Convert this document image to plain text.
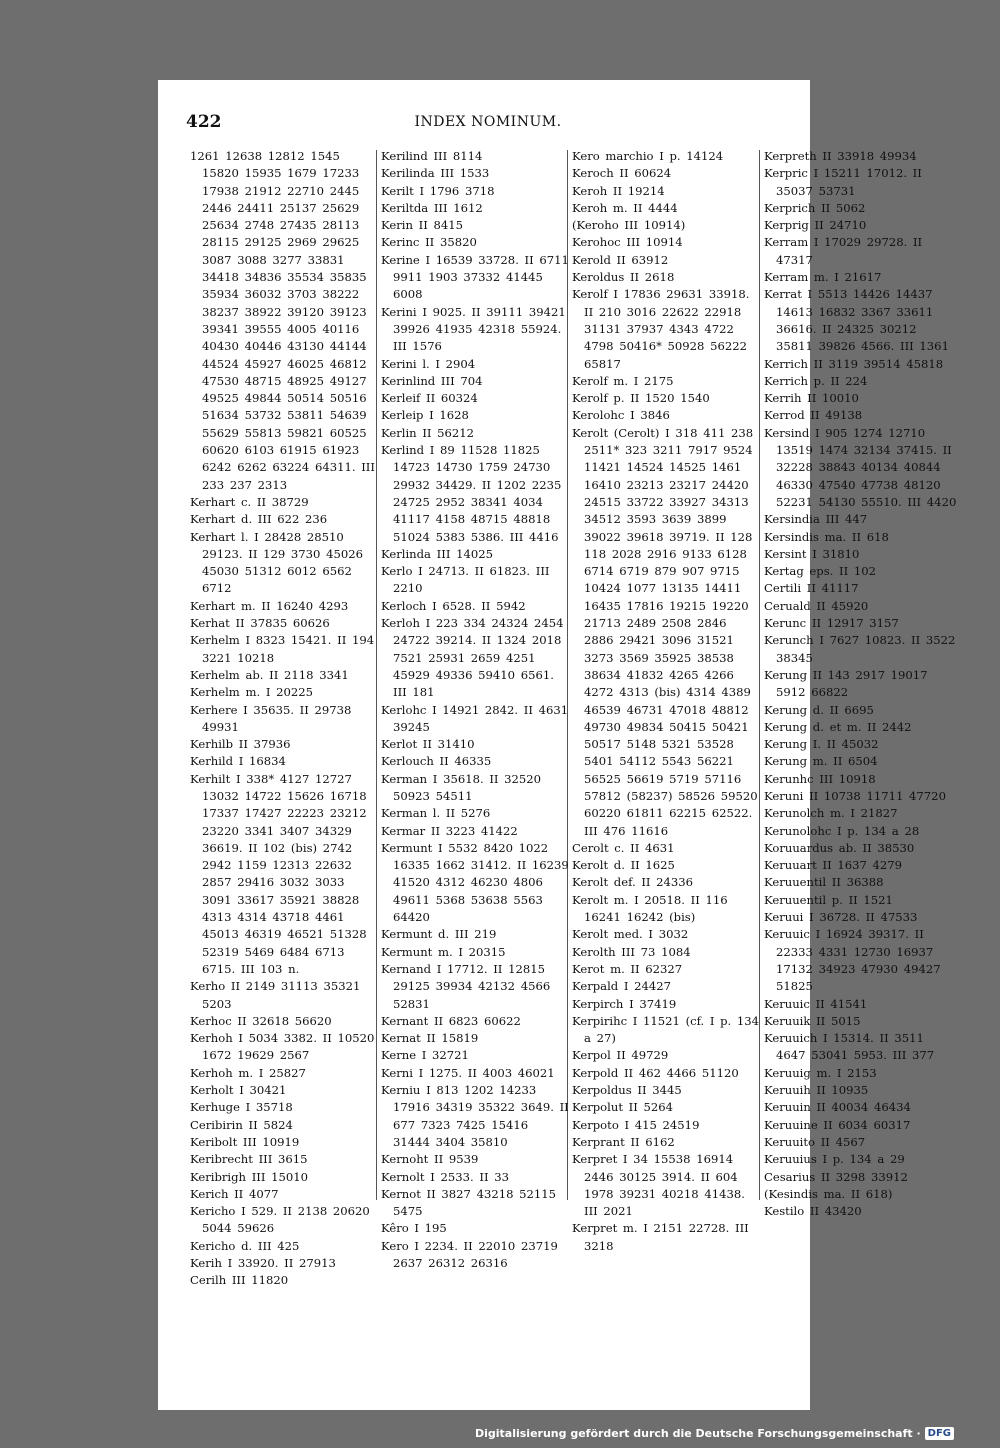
422	INDEX NOMINUM.
1261 12638 12812 1545 15820 15935 1679 17233 17938 21912 22710 2445 2446 24411 25137 25629 25634 2748 27435 28113 28115 29125 2969 29625 3087 3088 3277 33831 34418 34836 35534 35835 35934 36032 3703 38222 38237 38922 39120 39123 39341 39555 4005 40116 40430 40446 43130 44144 44524 45927 46025 46812 47530 48715 48925 49127 49525 49844 50514 50516 51634 53732 53811 54639 55629 55813 59821 60525 60620 6103 61915 61923 6242 6262 63224 64311. III 233 237 2313
Kerhart c. II 38729
Kerhart d. III 622 236
Kerhart l. I 28428 28510 29123. II 129 3730 45026 45030 51312 6012 6562 6712
Kerhart m. II 16240 4293
Kerhat II 37835 60626
Kerhelm I 8323 15421. II 194 3221 10218
Kerhelm ab. II 2118 3341
Kerhelm m. I 20225
Kerhere I 35635. II 29738 49931
Kerhilb II 37936
Kerhild I 16834
Kerhilt I 338* 4127 12727 13032 14722 15626 16718 17337 17427 22223 23212 23220 3341 3407 34329 36619. II 102 (bis) 2742 2942 1159 12313 22632 2857 29416 3032 3033 3091 33617 35921 38828 4313 4314 43718 4461 45013 46319 46521 51328 52319 5469 6484 6713 6715. III 103 n.
Kerho II 2149 31113 35321 5203
Kerhoc II 32618 56620
Kerhoh I 5034 3382. II 10520 1672 19629 2567
Kerhoh m. I 25827
Kerholt I 30421
Kerhuge I 35718
Ceribirin II 5824
Keribolt III 10919
Keribrecht III 3615
Keribrigh III 15010
Kerich II 4077
Kericho I 529. II 2138 20620 5044 59626
Kericho d. III 425
Kerih I 33920. II 27913
Cerilh III 11820
Kerilind III 8114
Kerilinda III 1533
Kerilt I 1796 3718
Keriltda III 1612
Kerin II 8415
Kerinc II 35820
Kerine I 16539 33728. II 6711 9911 1903 37332 41445 6008
Kerini I 9025. II 39111 39421 39926 41935 42318 55924. III 1576
Kerini l. I 2904
Kerinlind III 704
Kerleif II 60324
Kerleip I 1628
Kerlin II 56212
Kerlind I 89 11528 11825 14723 14730 1759 24730 29932 34429. II 1202 2235 24725 2952 38341 4034 41117 4158 48715 48818 51024 5383 5386. III 4416
Kerlinda III 14025
Kerlo I 24713. II 61823. III 2210
Kerloch I 6528. II 5942
Kerloh I 223 334 24324 2454 24722 39214. II 1324 2018 7521 25931 2659 4251 45929 49336 59410 6561. III 181
Kerlohc I 14921 2842. II 4631 39245
Kerlot II 31410
Kerlouch II 46335
Kerman I 35618. II 32520 50923 54511
Kerman l. II 5276
Kermar II 3223 41422
Kermunt I 5532 8420 1022 16335 1662 31412. II 16239 41520 4312 46230 4806 49611 5368 53638 5563 64420
Kermunt d. III 219
Kermunt m. I 20315
Kernand I 17712. II 12815 29125 39934 42132 4566 52831
Kernant II 6823 60622
Kernat II 15819
Kerne I 32721
Kerni I 1275. II 4003 46021
Kerniu I 813 1202 14233 17916 34319 35322 3649. II 677 7323 7425 15416 31444 3404 35810
Kernoht II 9539
Kernolt I 2533. II 33
Kernot II 3827 43218 52115 5475
Kêro I 195
Kero I 2234. II 22010 23719 2637 26312 26316
Kero marchio I p. 14124
Keroch II 60624
Keroh II 19214
Keroh m. II 4444
(Keroho III 10914)
Kerohoc III 10914
Kerold II 63912
Keroldus II 2618
Kerolf I 17836 29631 33918. II 210 3016 22622 22918 31131 37937 4343 4722 4798 50416* 50928 56222 65817
Kerolf m. I 2175
Kerolf p. II 1520 1540
Kerolohc I 3846
Kerolt (Cerolt) I 318 411 238 2511* 323 3211 7917 9524 11421 14524 14525 1461 16410 23213 23217 24420 24515 33722 33927 34313 34512 3593 3639 3899 39022 39618 39719. II 128 118 2028 2916 9133 6128 6714 6719 879 907 9715 10424 1077 13135 14411 16435 17816 19215 19220 21713 2489 2508 2846 2886 29421 3096 31521 3273 3569 35925 38538 38634 41832 4265 4266 4272 4313 (bis) 4314 4389 46539 46731 47018 48812 49730 49834 50415 50421 50517 5148 5321 53528 5401 54112 5543 56221 56525 56619 5719 57116 57812 (58237) 58526 59520 60220 61811 62215 62522. III 476 11616
Cerolt c. II 4631
Kerolt d. II 1625
Kerolt def. II 24336
Kerolt m. I 20518. II 116 16241 16242 (bis)
Kerolt med. I 3032
Kerolth III 73 1084
Kerot m. II 62327
Kerpald I 24427
Kerpirch I 37419
Kerpirihc I 11521 (cf. I p. 134 a 27)
Kerpol II 49729
Kerpold II 462 4466 51120
Kerpoldus II 3445
Kerpolut II 5264
Kerpoto I 415 24519
Kerprant II 6162
Kerpret I 34 15538 16914 2446 30125 3914. II 604 1978 39231 40218 41438. III 2021
Kerpret m. I 2151 22728. III 3218
Kerpreth II 33918 49934
Kerpric I 15211 17012. II 35037 53731
Kerprich II 5062
Kerprig II 24710
Kerram I 17029 29728. II 47317
Kerram m. I 21617
Kerrat I 5513 14426 14437 14613 16832 3367 33611 36616. II 24325 30212 35811 39826 4566. III 1361
Kerrich II 3119 39514 45818
Kerrich p. II 224
Kerrih II 10010
Kerrod II 49138
Kersind I 905 1274 12710 13519 1474 32134 37415. II 32228 38843 40134 40844 46330 47540 47738 48120 52231 54130 55510. III 4420
Kersindia III 447
Kersindis ma. II 618
Kersint I 31810
Kertag eps. II 102
Certili II 41117
Ceruald II 45920
Kerunc II 12917 3157
Kerunch I 7627 10823. II 3522 38345
Kerung II 143 2917 19017 5912 66822
Kerung d. II 6695
Kerung d. et m. II 2442
Kerung I. II 45032
Kerung m. II 6504
Kerunhc III 10918
Keruni II 10738 11711 47720
Kerunolch m. I 21827
Kerunolohc I p. 134 a 28
Koruuardus ab. II 38530
Keruuart II 1637 4279
Keruuentil II 36388
Keruuentil p. II 1521
Keruui I 36728. II 47533
Keruuic I 16924 39317. II 22333 4331 12730 16937 17132 34923 47930 49427 51825
Keruuic II 41541
Keruuik II 5015
Keruuich I 15314. II 3511 4647 53041 5953. III 377
Keruuig m. I 2153
Keruuih II 10935
Keruuin II 40034 46434
Keruuine II 6034 60317
Keruuito II 4567
Keruuius I p. 134 a 29
Cesarius II 3298 33912
(Kesindis ma. II 618)
Kestilo II 43420
Digitalisierung gefördert durch die Deutsche Forschungsgemeinschaft · DFG
